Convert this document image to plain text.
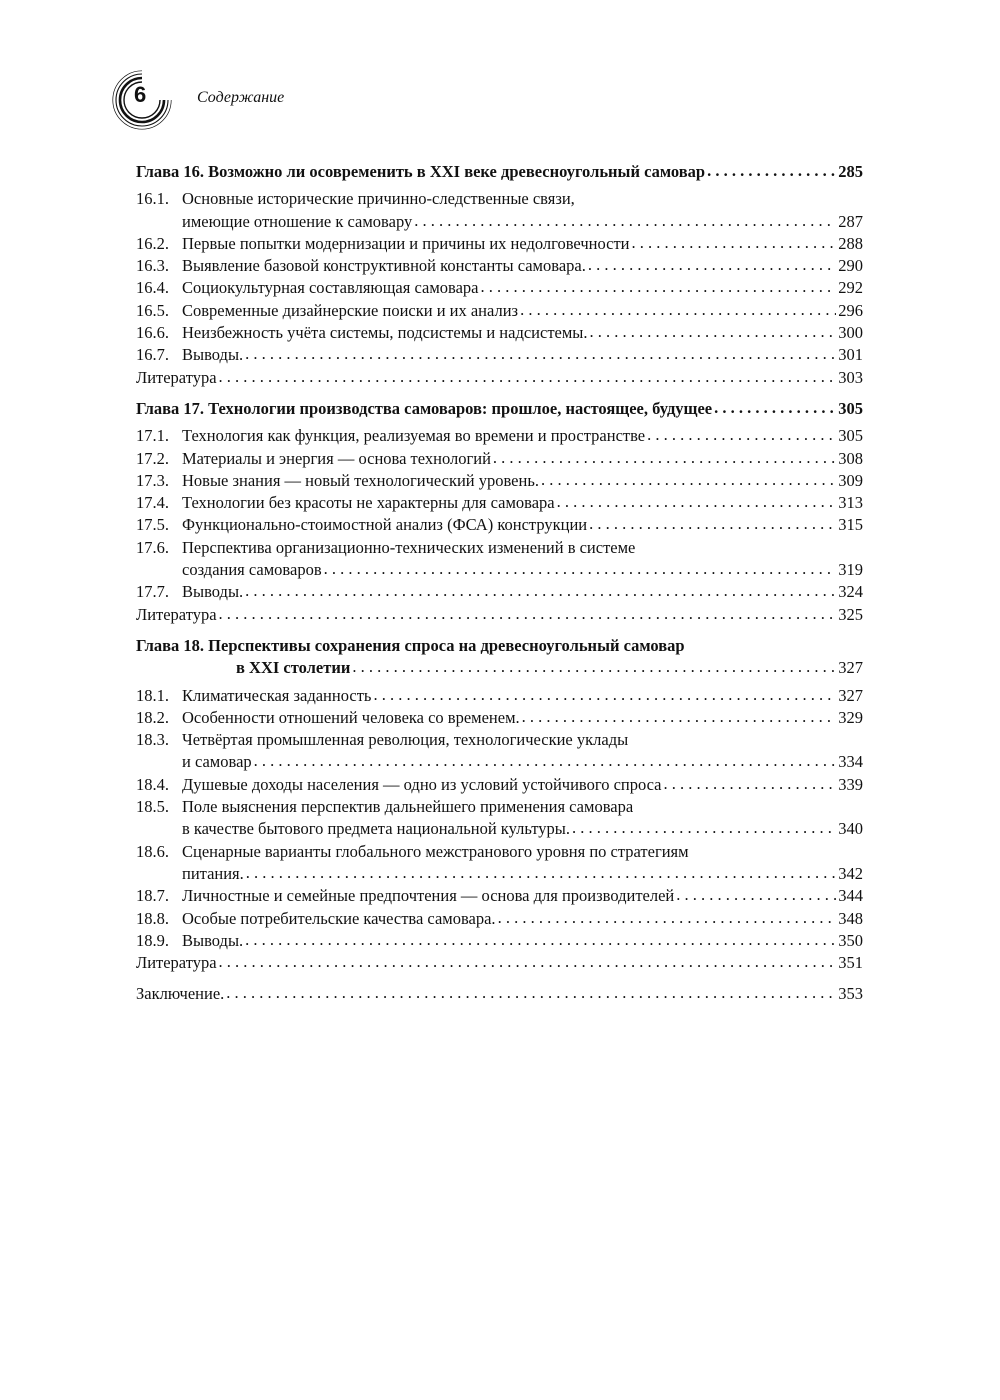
6	Содержание
Глава 16. Возможно ли осовременить в XXI веке древесноугольный самовар . . .	285
16.1. Основные исторические причинно-следственные связи,
имеющие отношение к самовару . . .	287
16.2. Первые попытки модернизации и причины их недолговечности . . .	288
16.3. Выявление базовой конструктивной константы самовара. . . .	290
16.4. Социокультурная составляющая самовара . . .	292
16.5. Современные дизайнерские поиски и их анализ . . .	296
16.6. Неизбежность учёта системы, подсистемы и надсистемы. . . .	300
16.7. Выводы. . . .	301
Литература . . .	303
Глава 17. Технологии производства самоваров: прошлое, настоящее, будущее . . .	305
17.1. Технология как функция, реализуемая во времени и пространстве . . .	305
17.2. Материалы и энергия — основа технологий . . .	308
17.3. Новые знания — новый технологический уровень. . . .	309
17.4. Технологии без красоты не характерны для самовара . . .	313
17.5. Функционально-стоимостной анализ (ФСА) конструкции . . .	315
17.6. Перспектива организационно-технических изменений в системе
создания самоваров . . .	319
17.7. Выводы. . . .	324
Литература . . .	325
Глава 18. Перспективы сохранения спроса на древесноугольный самовар
в XXI столетии . . .	327
18.1. Климатическая заданность . . .	327
18.2. Особенности отношений человека со временем. . . .	329
18.3. Четвёртая промышленная революция, технологические уклады
и самовар . . .	334
18.4. Душевые доходы населения — одно из условий устойчивого спроса . . .	339
18.5. Поле выяснения перспектив дальнейшего применения самовара
в качестве бытового предмета национальной культуры. . . .	340
18.6. Сценарные варианты глобального межстранового уровня по стратегиям
питания. . . .	342
18.7. Личностные и семейные предпочтения — основа для производителей . . .	344
18.8. Особые потребительские качества самовара. . . .	348
18.9. Выводы. . . .	350
Литература . . .	351
Заключение. . . .	353
